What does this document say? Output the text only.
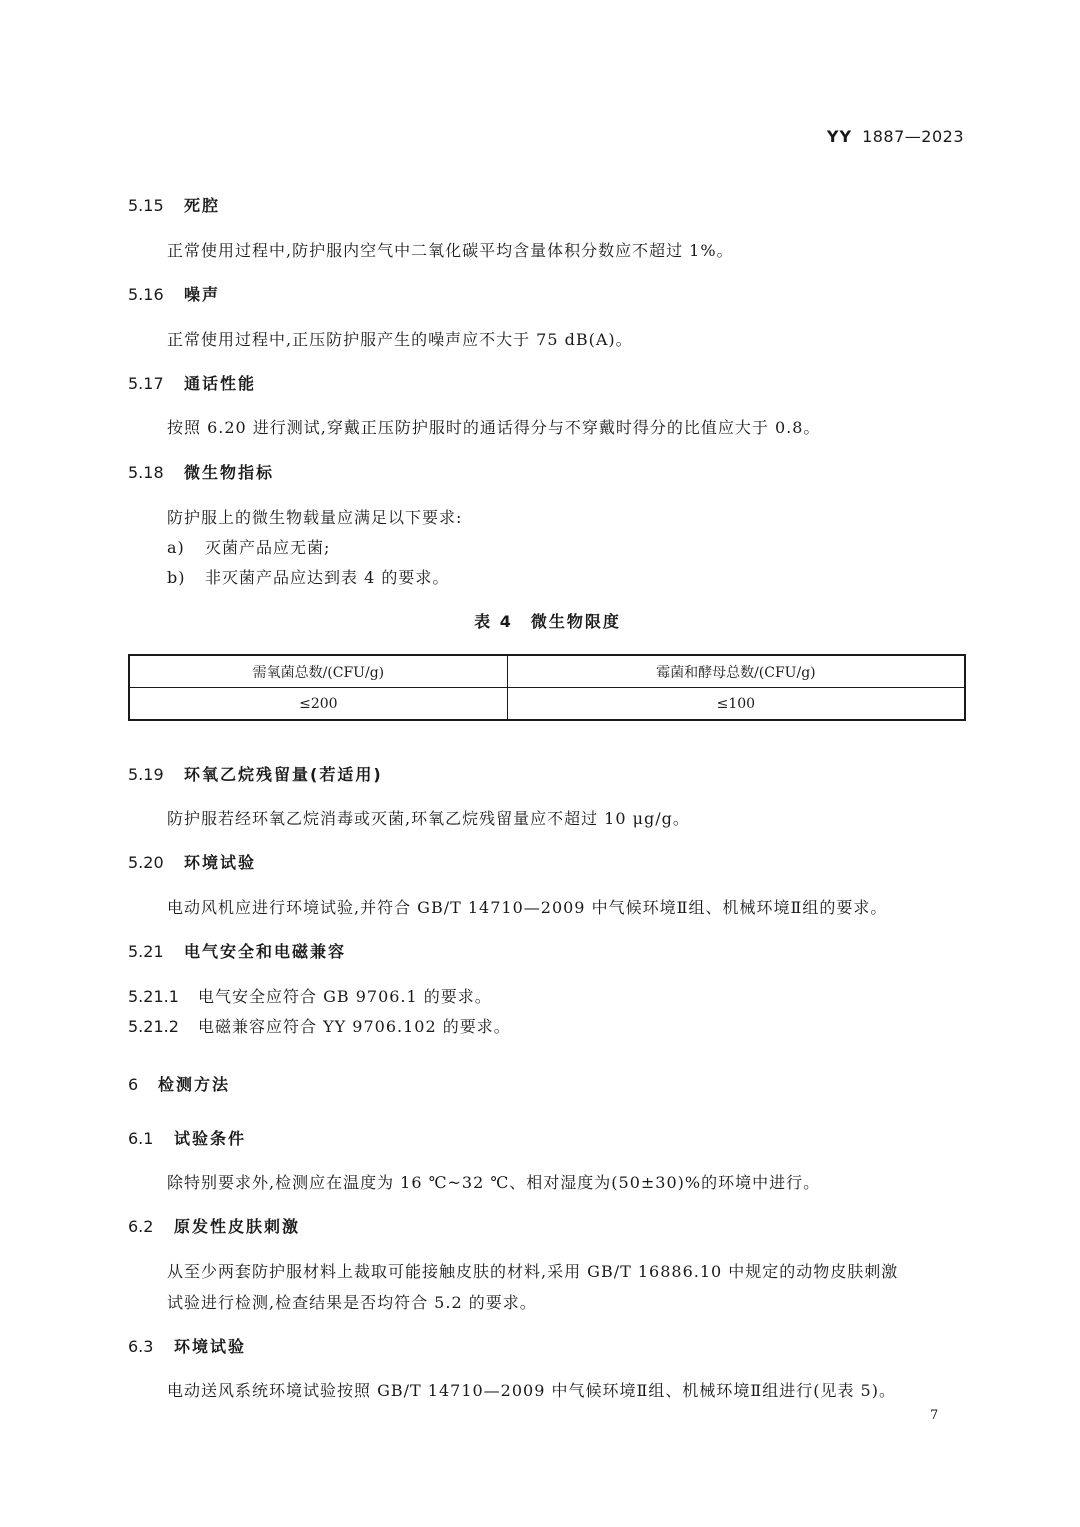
YY 1887—2023
5.15 死腔
正常使用过程中,防护服内空气中二氧化碳平均含量体积分数应不超过 1%。
5.16 噪声
正常使用过程中,正压防护服产生的噪声应不大于 75 dB(A)。
5.17 通话性能
按照 6.20 进行测试,穿戴正压防护服时的通话得分与不穿戴时得分的比值应大于 0.8。
5.18 微生物指标
防护服上的微生物载量应满足以下要求:
a) 灭菌产品应无菌;
b) 非灭菌产品应达到表 4 的要求。
表 4 微生物限度
需氧菌总数/(CFU/g)	霉菌和酵母总数/(CFU/g)
≤200	≤100
5.19 环氧乙烷残留量(若适用)
防护服若经环氧乙烷消毒或灭菌,环氧乙烷残留量应不超过 10 μg/g。
5.20 环境试验
电动风机应进行环境试验,并符合 GB/T 14710—2009 中气候环境Ⅱ组、机械环境Ⅱ组的要求。
5.21 电气安全和电磁兼容
5.21.1 电气安全应符合 GB 9706.1 的要求。
5.21.2 电磁兼容应符合 YY 9706.102 的要求。
6 检测方法
6.1 试验条件
除特别要求外,检测应在温度为 16 ℃~32 ℃、相对湿度为(50±30)%的环境中进行。
6.2 原发性皮肤刺激
从至少两套防护服材料上裁取可能接触皮肤的材料,采用 GB/T 16886.10 中规定的动物皮肤刺激
试验进行检测,检查结果是否均符合 5.2 的要求。
6.3 环境试验
电动送风系统环境试验按照 GB/T 14710—2009 中气候环境Ⅱ组、机械环境Ⅱ组进行(见表 5)。
7
